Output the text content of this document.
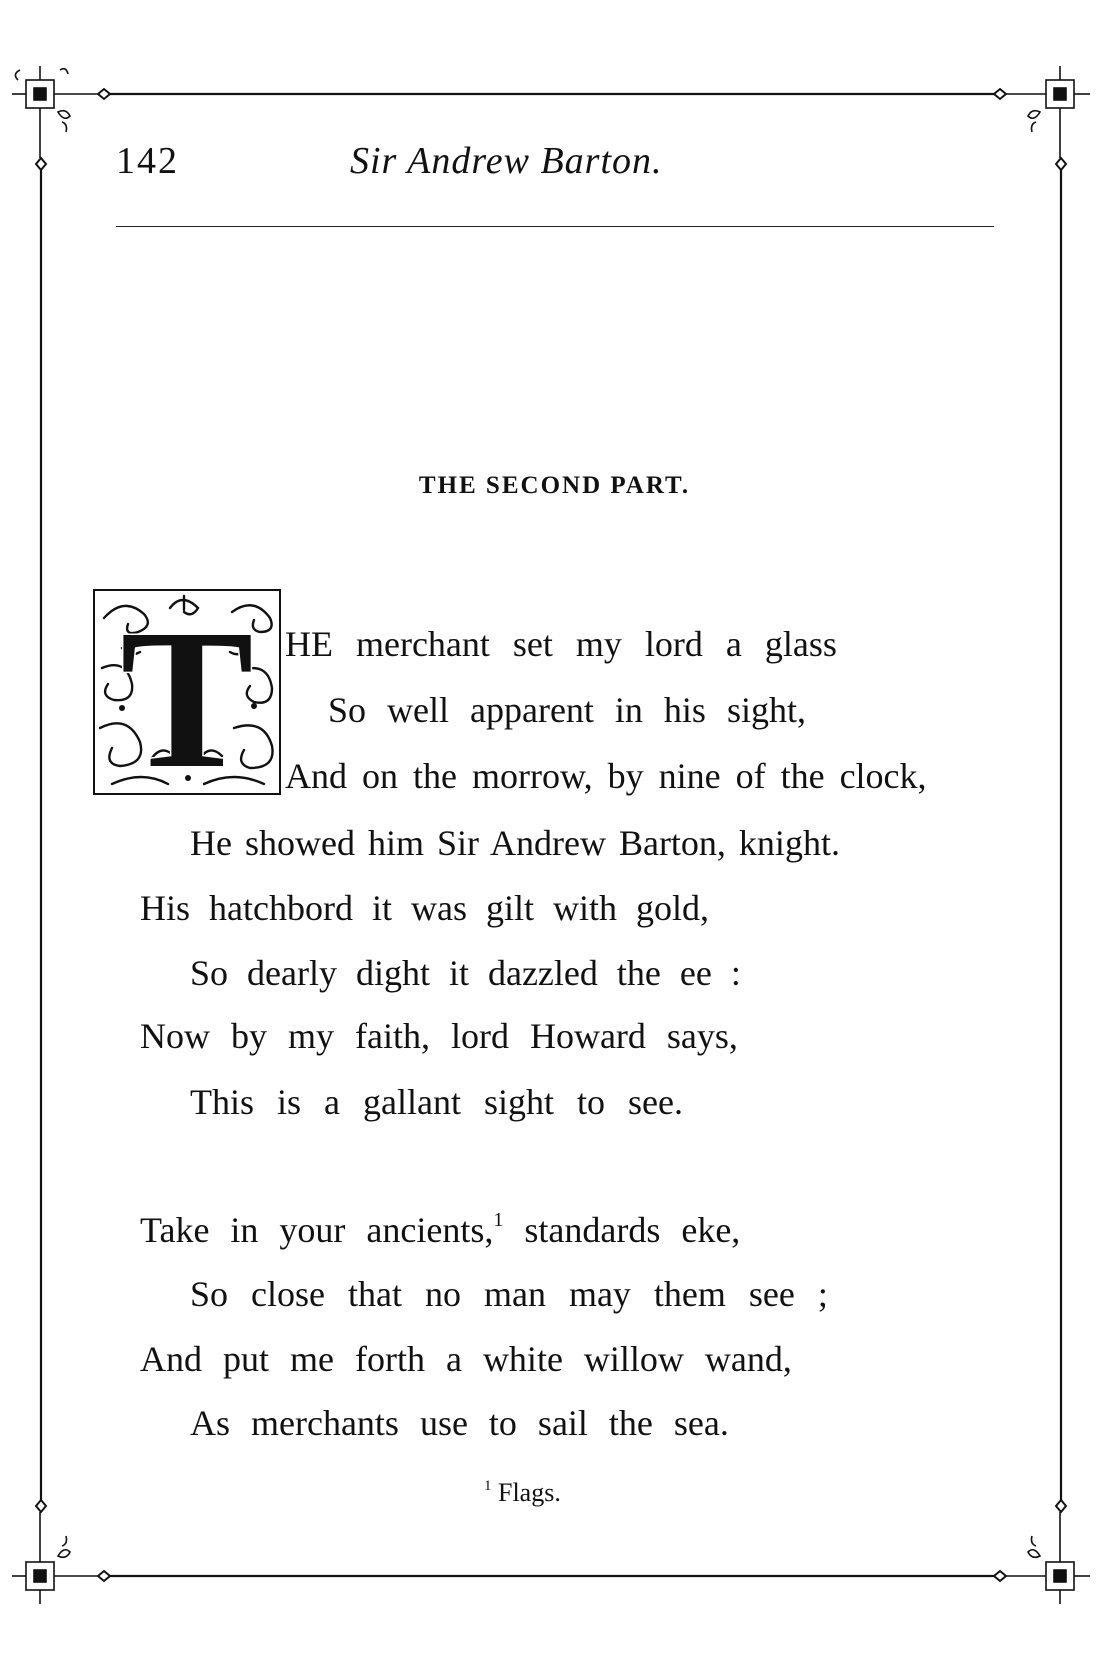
142	Sir Andrew Barton.
THE SECOND PART.
T HE merchant set my lord a glass
So well apparent in his sight,
And on the morrow, by nine of the clock,
He showed him Sir Andrew Barton, knight.
His hatchbord it was gilt with gold,
So dearly dight it dazzled the ee :
Now by my faith, lord Howard says,
This is a gallant sight to see.
Take in your ancients,$^1$ standards eke,
So close that no man may them see ;
And put me forth a white willow wand,
As merchants use to sail the sea.
$^1$ Flags.
